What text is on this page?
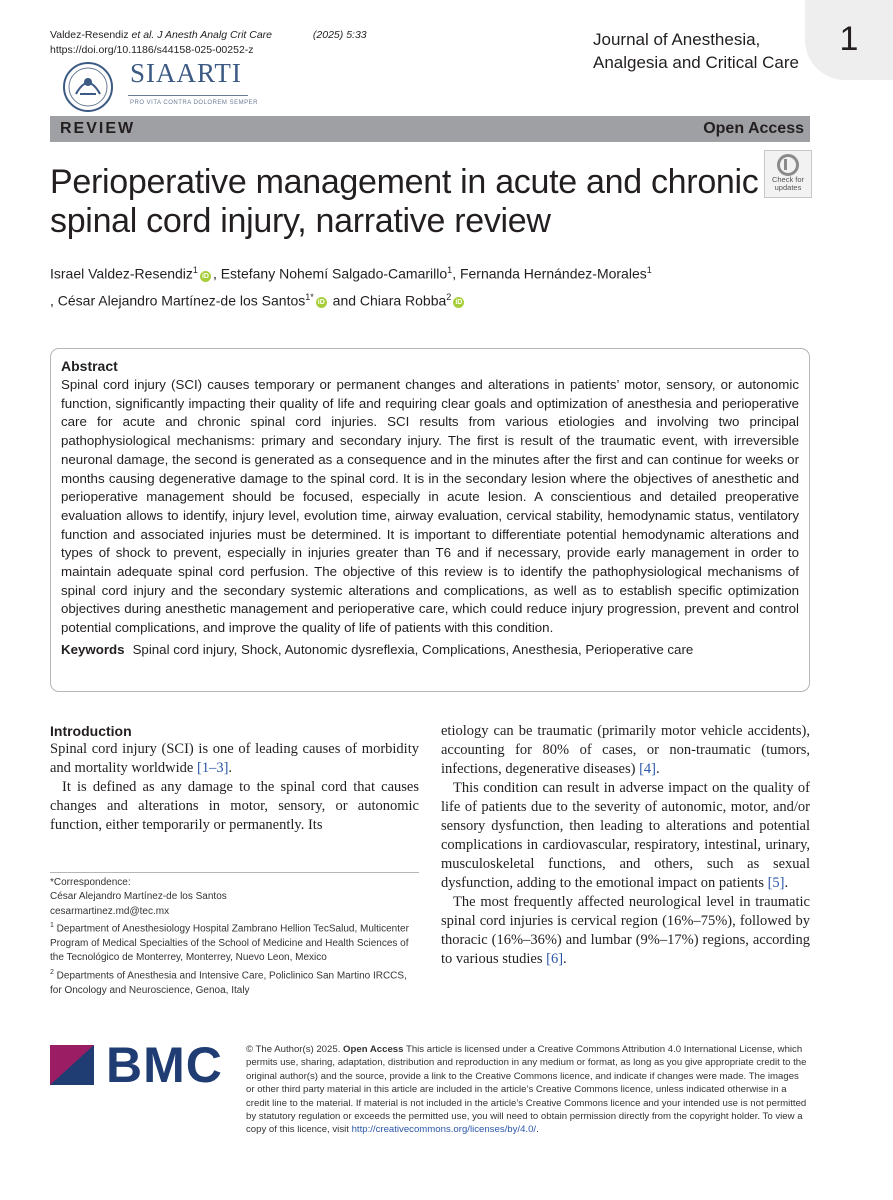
Valdez-Resendiz et al. J Anesth Analg Crit Care	(2025) 5:33
https://doi.org/10.1186/s44158-025-00252-z
Journal of Anesthesia,
Analgesia and Critical Care
1
SIAARTI
PRO VITA CONTRA DOLOREM SEMPER
REVIEW	Open Access
Perioperative management in acute and chronic spinal cord injury, narrative review
Check for
updates
Israel Valdez-Resendiz$^1$iD , Estefany Nohemí Salgado-Camarillo$^1$, Fernanda Hernández-Morales$^1$
, César Alejandro Martínez-de los Santos$^{1*}$iD and Chiara Robba$^2$iD
Abstract

Spinal cord injury (SCI) causes temporary or permanent changes and alterations in patients’ motor, sensory, or autonomic function, significantly impacting their quality of life and requiring clear goals and optimization of anesthesia and perioperative care for acute and chronic spinal cord injuries. SCI results from various etiologies and involving two principal pathophysiological mechanisms: primary and secondary injury. The first is result of the traumatic event, with irreversible neuronal damage, the second is generated as a consequence and in the minutes after the first and can continue for weeks or months causing degenerative damage to the spinal cord. It is in the secondary lesion where the objectives of anesthetic and perioperative management should be focused, especially in acute lesion. A conscientious and detailed preoperative evaluation allows to identify, injury level, evolution time, airway evaluation, cervical stability, hemodynamic status, ventilatory function and associated injuries must be determined. It is important to differentiate potential hemodynamic alterations and types of shock to prevent, especially in injuries greater than T6 and if necessary, provide early management in order to maintain adequate spinal cord perfusion. The objective of this review is to identify the pathophysiological mechanisms of spinal cord injury and the secondary systemic alterations and complications, as well as to establish specific optimization objectives during anesthetic management and perioperative care, which could reduce injury progression, prevent and control potential complications, and improve the quality of life of patients with this condition.

Keywords Spinal cord injury, Shock, Autonomic dysreflexia, Complications, Anesthesia, Perioperative care
Introduction

Spinal cord injury (SCI) is one of leading causes of morbidity and mortality worldwide [1–3].

It is defined as any damage to the spinal cord that causes changes and alterations in motor, sensory, or autonomic function, either temporarily or permanently. Its

etiology can be traumatic (primarily motor vehicle accidents), accounting for 80% of cases, or non-traumatic (tumors, infections, degenerative diseases) [4].

This condition can result in adverse impact on the quality of life of patients due to the severity of autonomic, motor, and/or sensory dysfunction, then leading to alterations and potential complications in cardiovascular, respiratory, intestinal, urinary, musculoskeletal functions, and others, such as sexual dysfunction, adding to the emotional impact on patients [5].

The most frequently affected neurological level in traumatic spinal cord injuries is cervical region (16%–75%), followed by thoracic (16%–36%) and lumbar (9%–17%) regions, according to various studies [6].

*Correspondence:

César Alejandro Martínez-de los Santos

cesarmartinez.md@tec.mx

$^1$ Department of Anesthesiology Hospital Zambrano Hellion TecSalud, Multicenter Program of Medical Specialties of the School of Medicine and Health Sciences of the Tecnológico de Monterrey, Monterrey, Nuevo Leon, Mexico

$^2$ Departments of Anesthesia and Intensive Care, Policlinico San Martino IRCCS, for Oncology and Neuroscience, Genoa, Italy

BMC © The Author(s) 2025. Open Access This article is licensed under a Creative Commons Attribution 4.0 International License, which permits use, sharing, adaptation, distribution and reproduction in any medium or format, as long as you give appropriate credit to the original author(s) and the source, provide a link to the Creative Commons licence, and indicate if changes were made. The images or other third party material in this article are included in the article’s Creative Commons licence, unless indicated otherwise in a credit line to the material. If material is not included in the article’s Creative Commons licence and your intended use is not permitted by statutory regulation or exceeds the permitted use, you will need to obtain permission directly from the copyright holder. To view a copy of this licence, visit http://creativecommons.org/licenses/by/4.0/.
